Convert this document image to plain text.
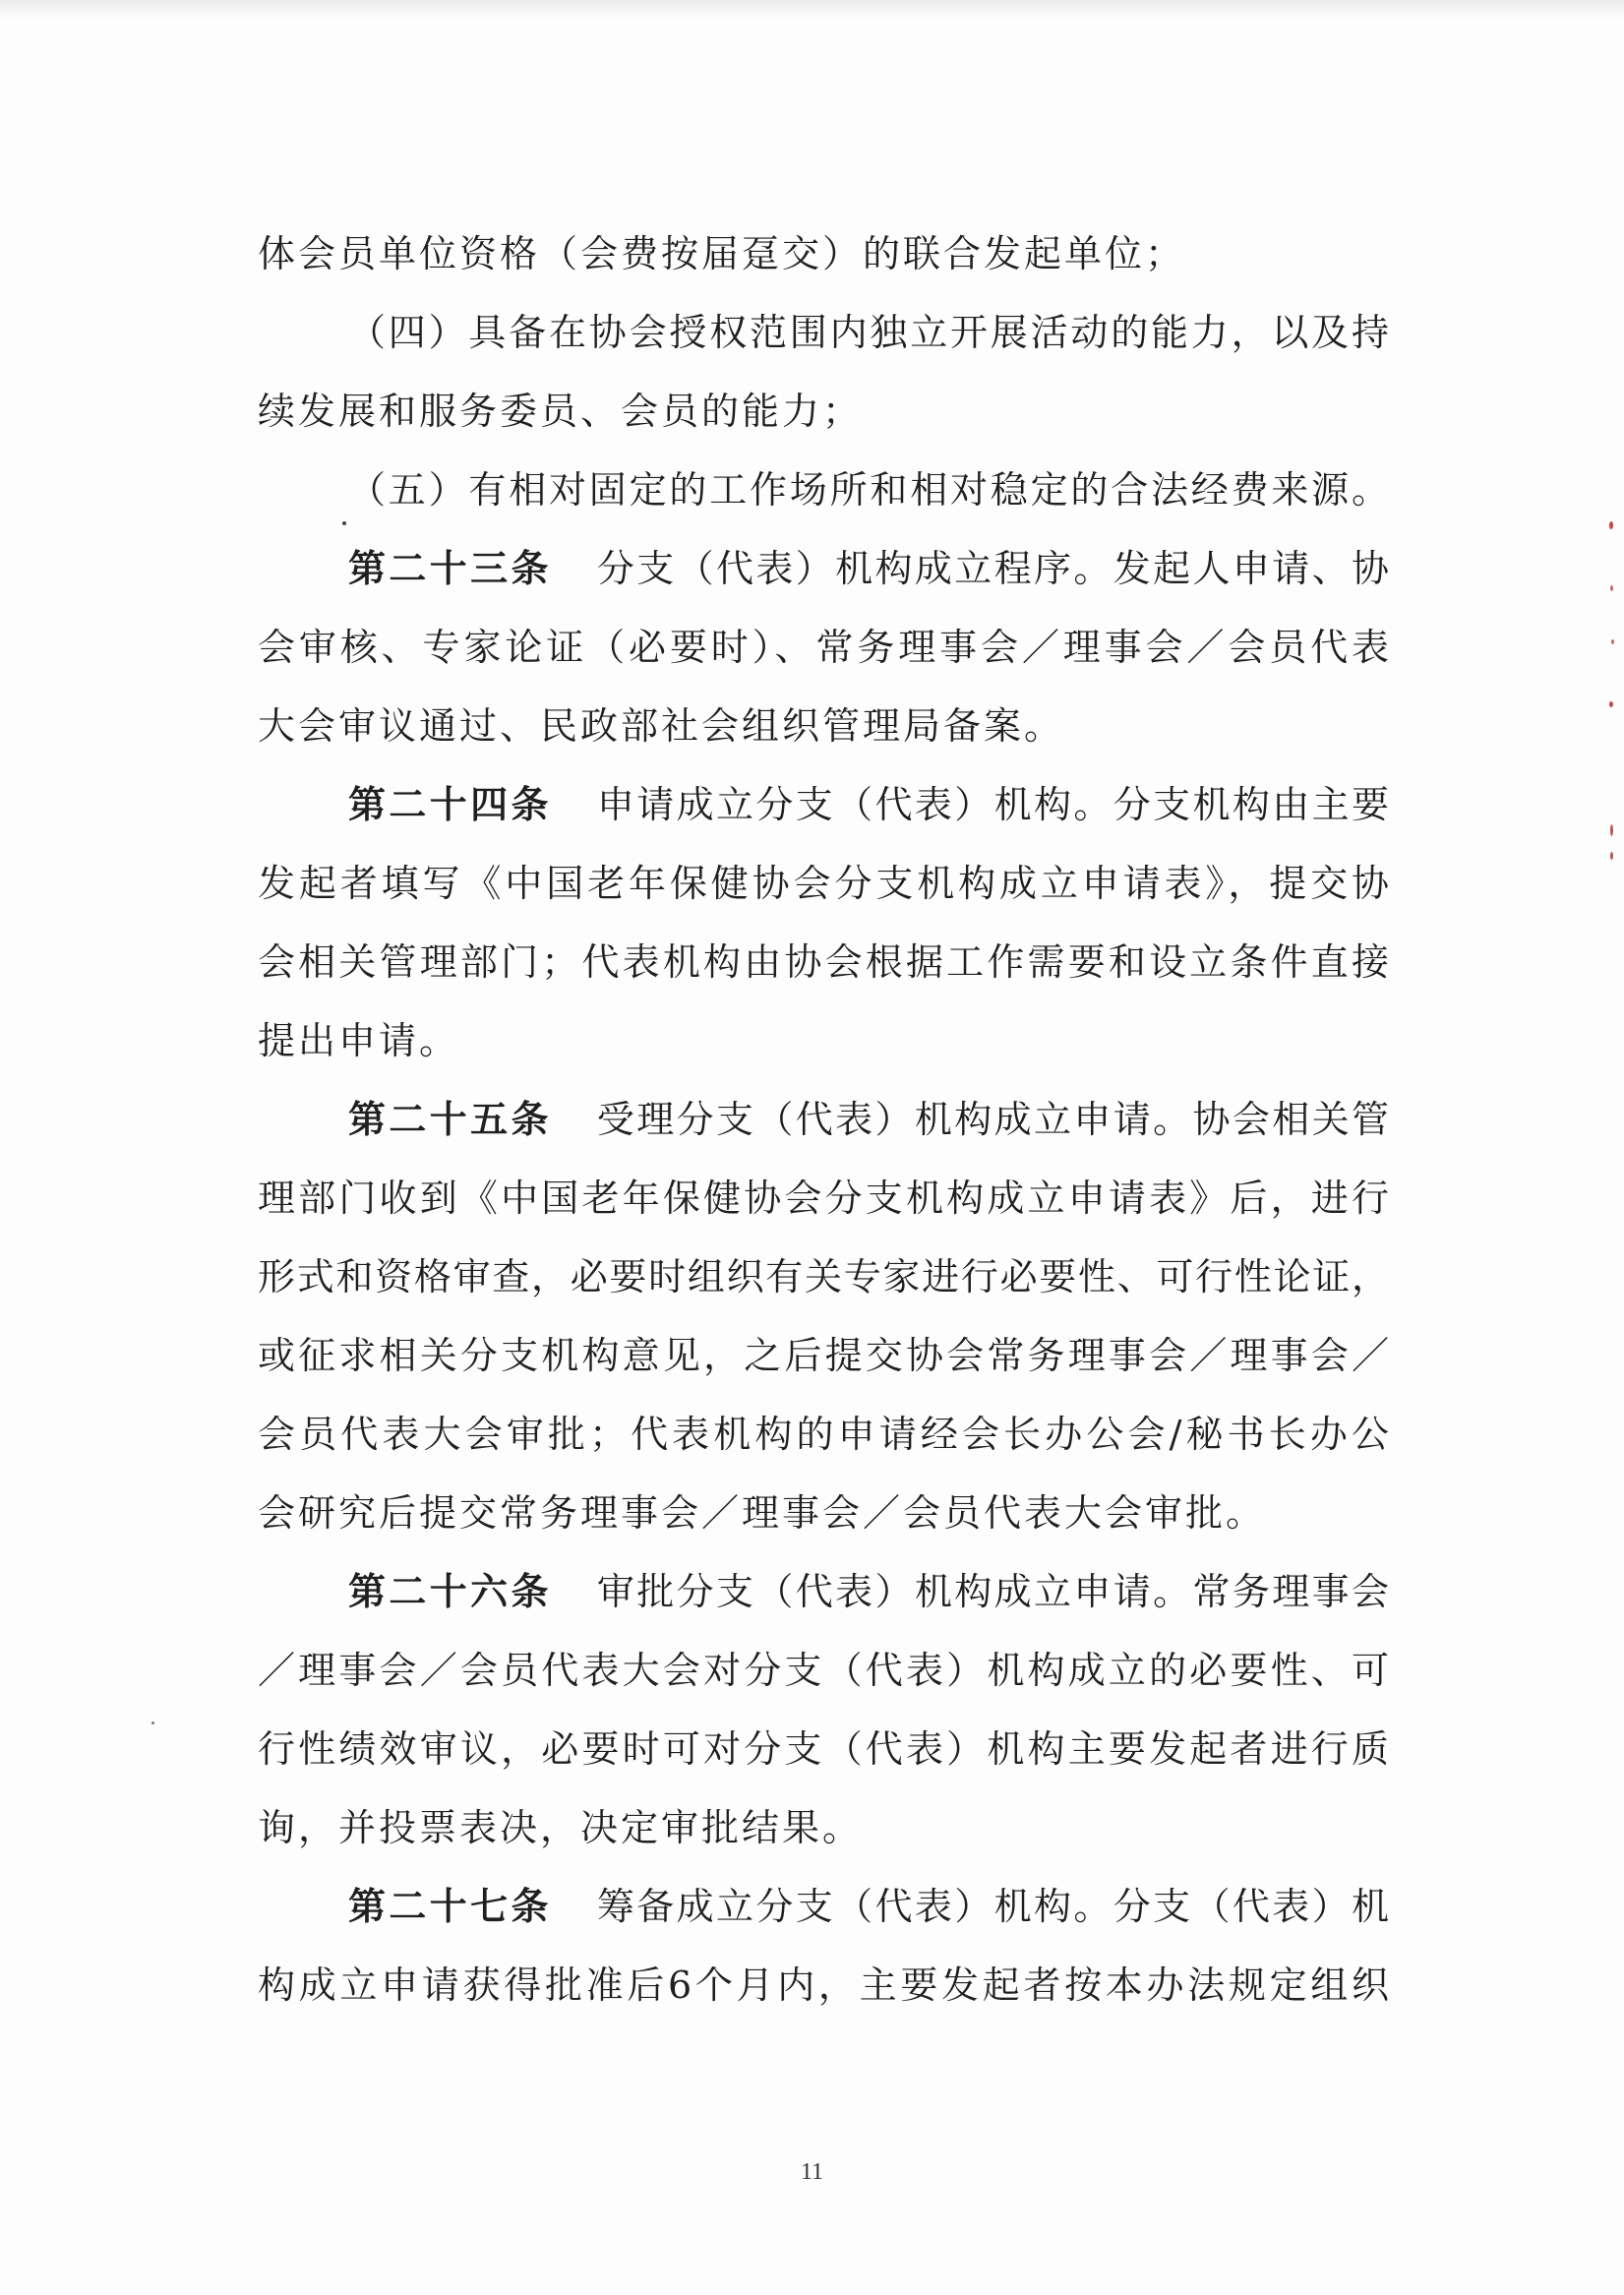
体会员单位资格（会费按届趸交）的联合发起单位；
（四）具备在协会授权范围内独立开展活动的能力，以及持
续发展和服务委员、会员的能力；
（五）有相对固定的工作场所和相对稳定的合法经费来源。
第二十三条 分支（代表）机构成立程序。发起人申请、协
会审核、专家论证（必要时）、常务理事会／理事会／会员代表
大会审议通过、民政部社会组织管理局备案。
第二十四条 申请成立分支（代表）机构。分支机构由主要
发起者填写《中国老年保健协会分支机构成立申请表》，提交协
会相关管理部门；代表机构由协会根据工作需要和设立条件直接
提出申请。
第二十五条 受理分支（代表）机构成立申请。协会相关管
理部门收到《中国老年保健协会分支机构成立申请表》后，进行
形式和资格审查，必要时组织有关专家进行必要性、可行性论证，
或征求相关分支机构意见，之后提交协会常务理事会／理事会／
会员代表大会审批；代表机构的申请经会长办公会/秘书长办公
会研究后提交常务理事会／理事会／会员代表大会审批。
第二十六条 审批分支（代表）机构成立申请。常务理事会
／理事会／会员代表大会对分支（代表）机构成立的必要性、可
行性绩效审议，必要时可对分支（代表）机构主要发起者进行质
询，并投票表决，决定审批结果。
第二十七条 筹备成立分支（代表）机构。分支（代表）机
构成立申请获得批准后6个月内，主要发起者按本办法规定组织
11
